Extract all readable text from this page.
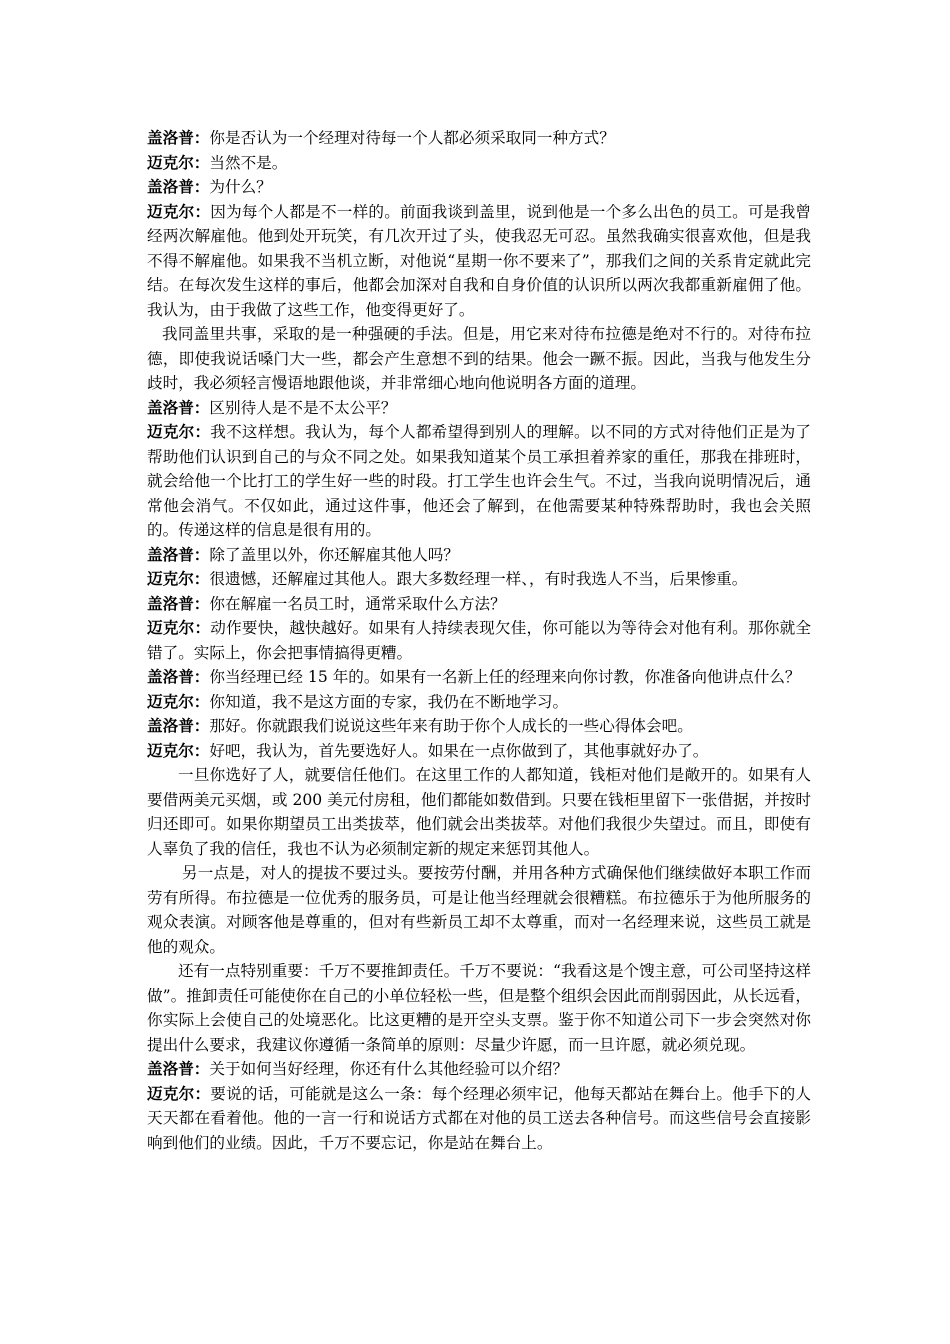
盖洛普：你是否认为一个经理对待每一个人都必须采取同一种方式？

迈克尔：当然不是。

盖洛普：为什么？

迈克尔：因为每个人都是不一样的。前面我谈到盖里，说到他是一个多么出色的员工。可是我曾经两次解雇他。他到处开玩笑，有几次开过了头，使我忍无可忍。虽然我确实很喜欢他，但是我不得不解雇他。如果我不当机立断，对他说“星期一你不要来了”，那我们之间的关系肯定就此完结。在每次发生这样的事后，他都会加深对自我和自身价值的认识所以两次我都重新雇佣了他。我认为，由于我做了这些工作，他变得更好了。

我同盖里共事，采取的是一种强硬的手法。但是，用它来对待布拉德是绝对不行的。对待布拉德，即使我说话嗓门大一些，都会产生意想不到的结果。他会一蹶不振。因此，当我与他发生分歧时，我必须轻言慢语地跟他谈，并非常细心地向他说明各方面的道理。

盖洛普：区别待人是不是不太公平？

迈克尔：我不这样想。我认为，每个人都希望得到别人的理解。以不同的方式对待他们正是为了帮助他们认识到自己的与众不同之处。如果我知道某个员工承担着养家的重任，那我在排班时，就会给他一个比打工的学生好一些的时段。打工学生也许会生气。不过，当我向说明情况后，通常他会消气。不仅如此，通过这件事，他还会了解到，在他需要某种特殊帮助时，我也会关照的。传递这样的信息是很有用的。

盖洛普：除了盖里以外，你还解雇其他人吗？

迈克尔：很遗憾，还解雇过其他人。跟大多数经理一样、，有时我选人不当，后果惨重。

盖洛普：你在解雇一名员工时，通常采取什么方法？

迈克尔：动作要快，越快越好。如果有人持续表现欠佳，你可能以为等待会对他有利。那你就全错了。实际上，你会把事情搞得更糟。

盖洛普：你当经理已经 15 年的。如果有一名新上任的经理来向你讨教，你准备向他讲点什么？

迈克尔：你知道，我不是这方面的专家，我仍在不断地学习。

盖洛普：那好。你就跟我们说说这些年来有助于你个人成长的一些心得体会吧。

迈克尔：好吧，我认为，首先要选好人。如果在一点你做到了，其他事就好办了。

一旦你选好了人，就要信任他们。在这里工作的人都知道，钱柜对他们是敞开的。如果有人要借两美元买烟，或 200 美元付房租，他们都能如数借到。只要在钱柜里留下一张借据，并按时归还即可。如果你期望员工出类拔萃，他们就会出类拔萃。对他们我很少失望过。而且，即使有人辜负了我的信任，我也不认为必须制定新的规定来惩罚其他人。

另一点是，对人的提拔不要过头。要按劳付酬，并用各种方式确保他们继续做好本职工作而劳有所得。布拉德是一位优秀的服务员，可是让他当经理就会很糟糕。布拉德乐于为他所服务的观众表演。对顾客他是尊重的，但对有些新员工却不太尊重，而对一名经理来说，这些员工就是他的观众。

还有一点特别重要：千万不要推卸责任。千万不要说：“我看这是个馊主意，可公司坚持这样做”。推卸责任可能使你在自己的小单位轻松一些，但是整个组织会因此而削弱因此，从长远看，你实际上会使自己的处境恶化。比这更糟的是开空头支票。鉴于你不知道公司下一步会突然对你提出什么要求，我建议你遵循一条简单的原则：尽量少许愿，而一旦许愿，就必须兑现。

盖洛普：关于如何当好经理，你还有什么其他经验可以介绍？

迈克尔：要说的话，可能就是这么一条：每个经理必须牢记，他每天都站在舞台上。他手下的人天天都在看着他。他的一言一行和说话方式都在对他的员工送去各种信号。而这些信号会直接影响到他们的业绩。因此，千万不要忘记，你是站在舞台上。
